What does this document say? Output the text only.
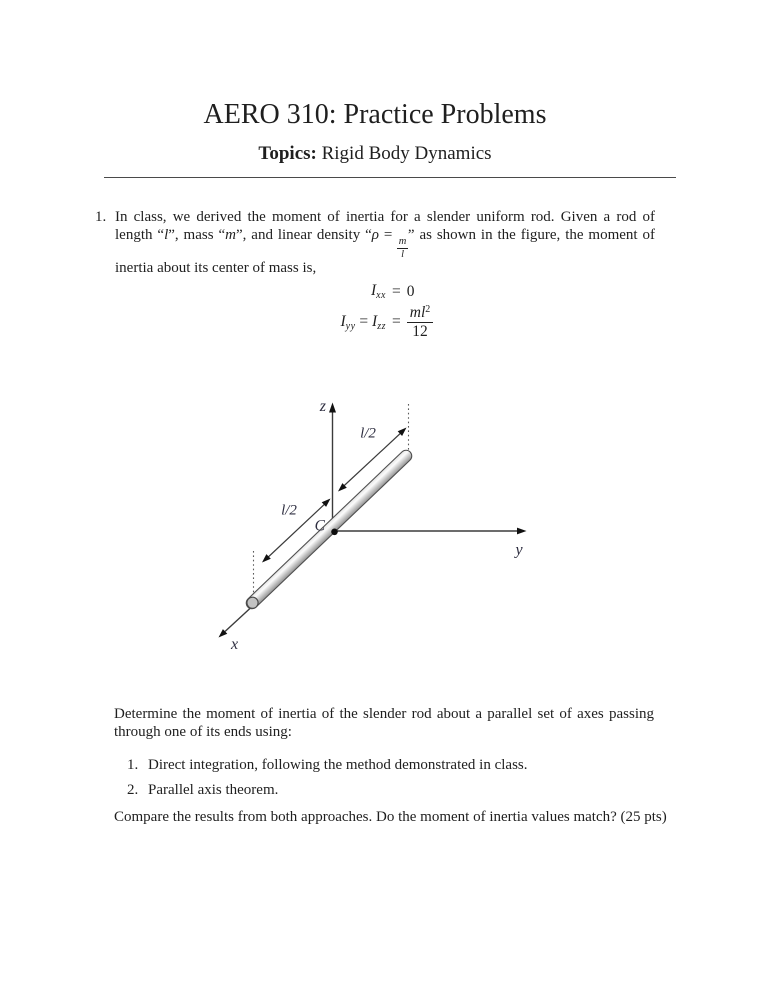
AERO 310: Practice Problems
Topics: Rigid Body Dynamics
1. In class, we derived the moment of inertia for a slender uniform rod. Given a rod of length “l”, mass “m”, and linear density “ρ =
$\frac{m}{l}$
” as shown in the figure, the moment of inertia about its center of mass is,
$I_{xx} = 0$
$I_{yy} = I_{zz} = \frac{ml^2}{12}$
z
y
x
C
l/2
l/2

Determine the moment of inertia of the slender rod about a parallel set of axes passing through one of its ends using:

1. Direct integration, following the method demonstrated in class.
2. Parallel axis theorem.

Compare the results from both approaches. Do the moment of inertia values match? (25 pts)
